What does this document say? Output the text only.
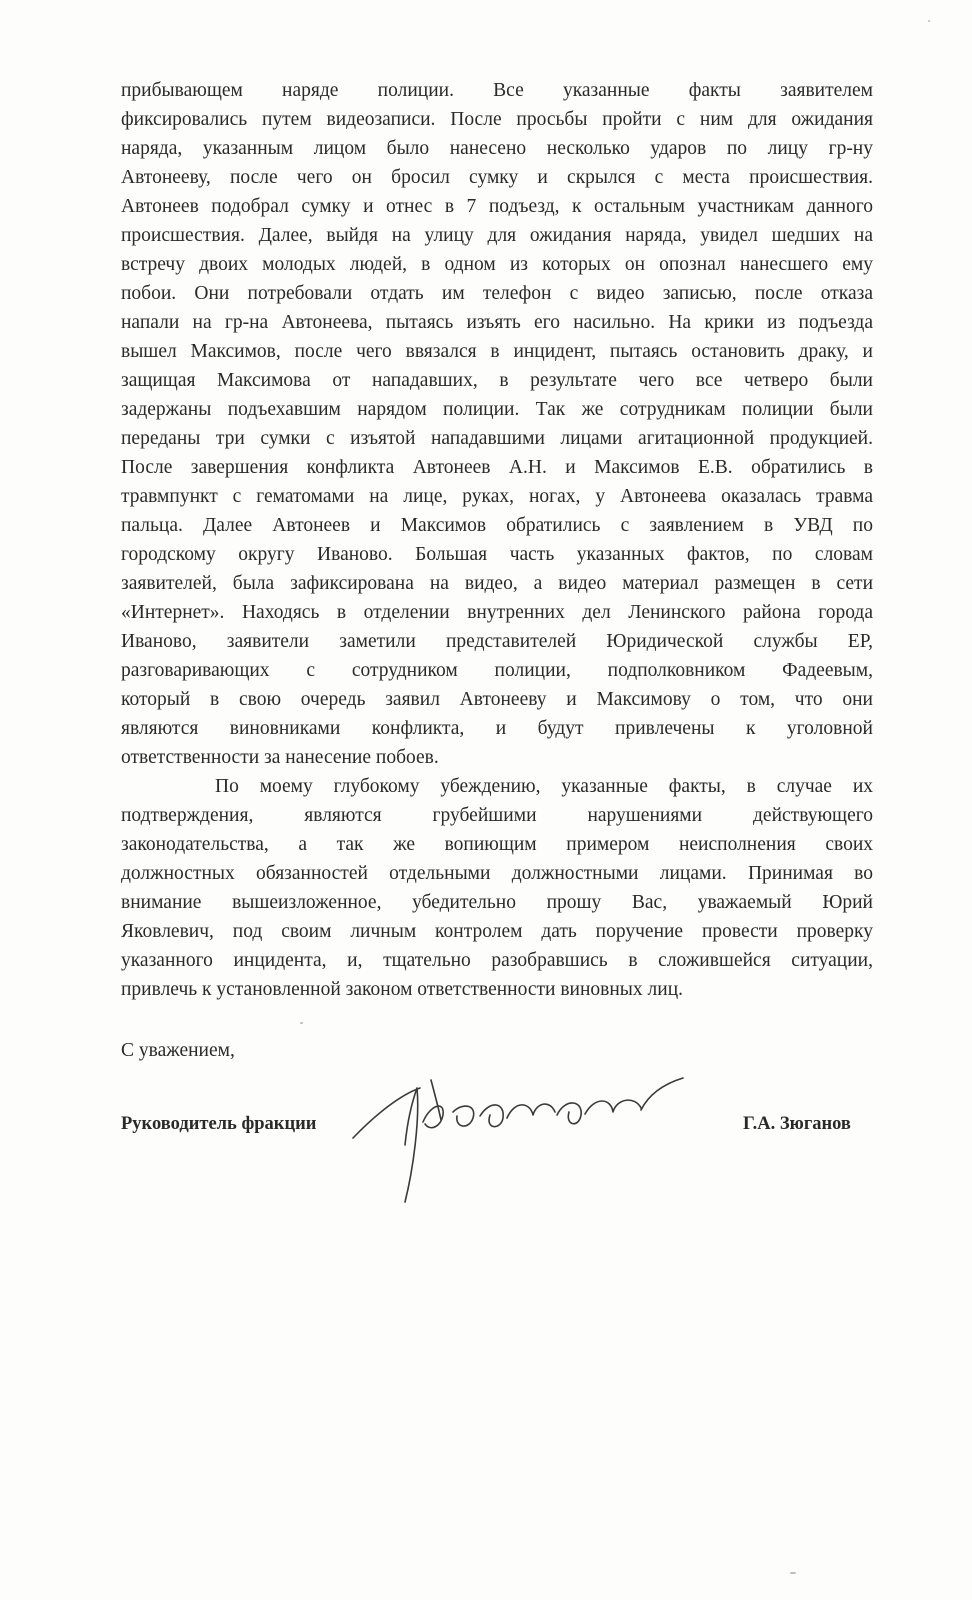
прибывающем наряде полиции. Все указанные факты заявителем
фиксировались путем видеозаписи. После просьбы пройти с ним для ожидания
наряда, указанным лицом было нанесено несколько ударов по лицу гр-ну
Автонееву, после чего он бросил сумку и скрылся с места происшествия.
Автонеев подобрал сумку и отнес в 7 подъезд, к остальным участникам данного
происшествия. Далее, выйдя на улицу для ожидания наряда, увидел шедших на
встречу двоих молодых людей, в одном из которых он опознал нанесшего ему
побои. Они потребовали отдать им телефон с видео записью, после отказа
напали на гр-на Автонеева, пытаясь изъять его насильно. На крики из подъезда
вышел Максимов, после чего ввязался в инцидент, пытаясь остановить драку, и
защищая Максимова от нападавших, в результате чего все четверо были
задержаны подъехавшим нарядом полиции. Так же сотрудникам полиции были
переданы три сумки с изъятой нападавшими лицами агитационной продукцией.
После завершения конфликта Автонеев А.Н. и Максимов Е.В. обратились в
травмпункт с гематомами на лице, руках, ногах, у Автонеева оказалась травма
пальца. Далее Автонеев и Максимов обратились с заявлением в УВД по
городскому округу Иваново. Большая часть указанных фактов, по словам
заявителей, была зафиксирована на видео, а видео материал размещен в сети
«Интернет». Находясь в отделении внутренних дел Ленинского района города
Иваново, заявители заметили представителей Юридической службы ЕР,
разговаривающих с сотрудником полиции, подполковником Фадеевым,
который в свою очередь заявил Автонееву и Максимову о том, что они
являются виновниками конфликта, и будут привлечены к уголовной
ответственности за нанесение побоев.

По моему глубокому убеждению, указанные факты, в случае их
подтверждения, являются грубейшими нарушениями действующего
законодательства, а так же вопиющим примером неисполнения своих
должностных обязанностей отдельными должностными лицами. Принимая во
внимание вышеизложенное, убедительно прошу Вас, уважаемый Юрий
Яковлевич, под своим личным контролем дать поручение провести проверку
указанного инцидента, и, тщательно разобравшись в сложившейся ситуации,
привлечь к установленной законом ответственности виновных лиц.

С уважением,

Руководитель фракции	Г.А. Зюганов
